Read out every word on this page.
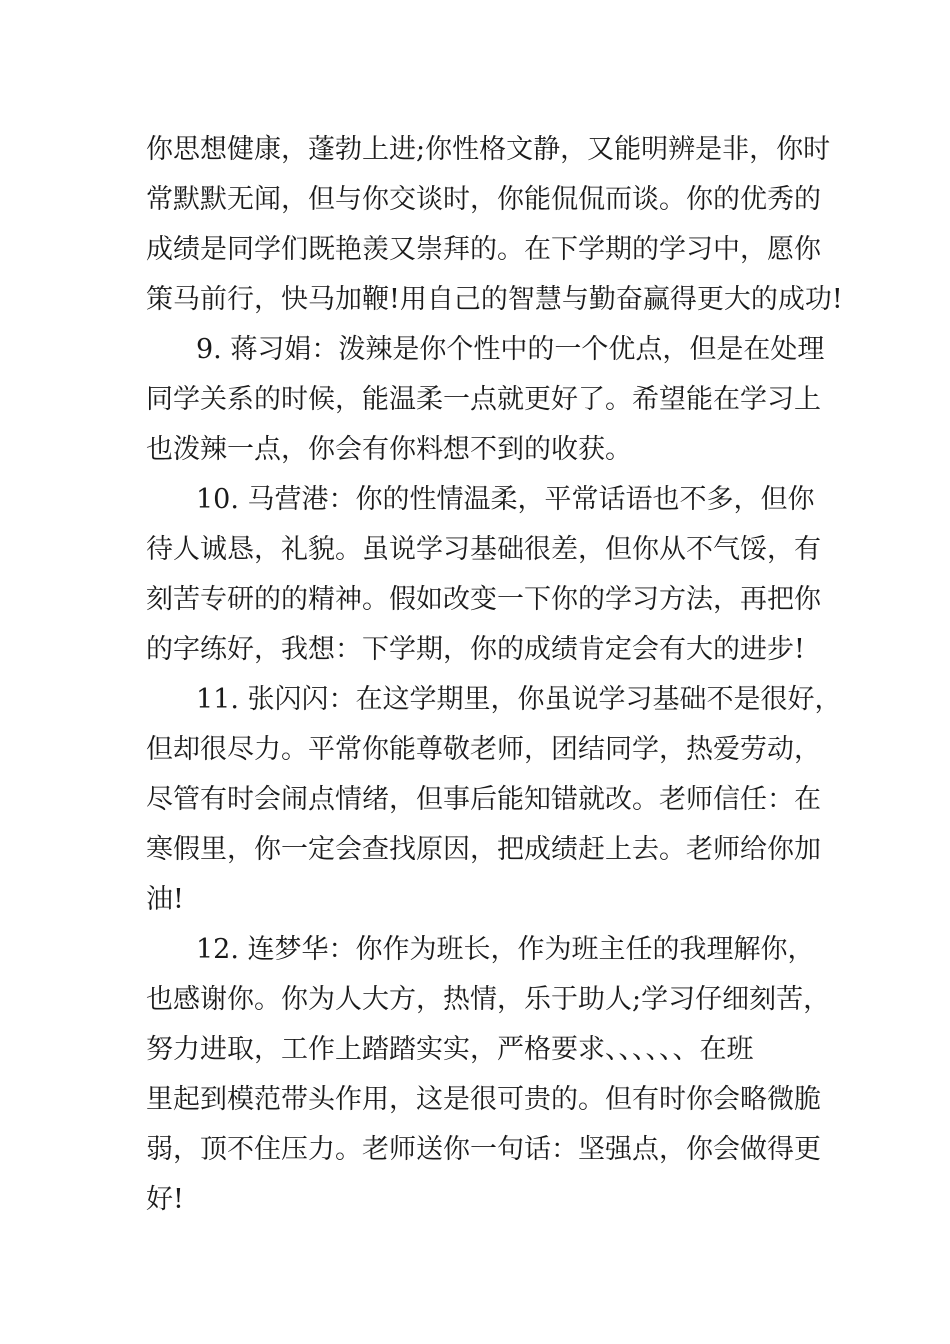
你思想健康，蓬勃上进;你性格文静，又能明辨是非，你时
常默默无闻，但与你交谈时，你能侃侃而谈。你的优秀的
成绩是同学们既艳羡又崇拜的。在下学期的学习中，愿你
策马前行，快马加鞭!用自己的智慧与勤奋赢得更大的成功!
9. 蒋习娟：泼辣是你个性中的一个优点，但是在处理
同学关系的时候，能温柔一点就更好了。希望能在学习上
也泼辣一点，你会有你料想不到的收获。
10. 马营港：你的性情温柔，平常话语也不多，但你
待人诚恳，礼貌。虽说学习基础很差，但你从不气馁，有
刻苦专研的的精神。假如改变一下你的学习方法，再把你
的字练好，我想：下学期，你的成绩肯定会有大的进步!
11. 张闪闪：在这学期里，你虽说学习基础不是很好，
但却很尽力。平常你能尊敬老师，团结同学，热爱劳动，
尽管有时会闹点情绪，但事后能知错就改。老师信任：在
寒假里，你一定会查找原因，把成绩赶上去。老师给你加
油!
12. 连梦华：你作为班长，作为班主任的我理解你，
也感谢你。你为人大方，热情，乐于助人;学习仔细刻苦，
努力进取，工作上踏踏实实，严格要求、、、、、、在班
里起到模范带头作用，这是很可贵的。但有时你会略微脆
弱，顶不住压力。老师送你一句话：坚强点，你会做得更
好!
